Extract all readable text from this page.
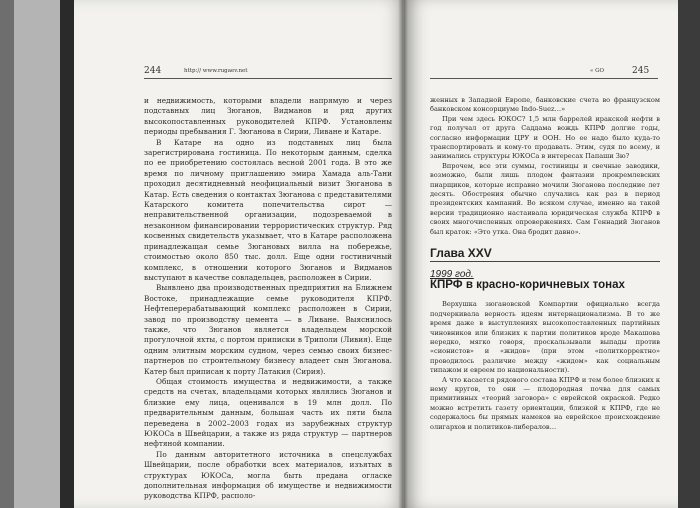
244	http:// www.rugaev.net

и недвижимость, которыми владели напрямую и через подставных лиц Зюганов, Видманов и ряд других высокопоставленных руководителей КПРФ. Установлены периоды пребывания Г. Зюганова в Сирии, Ливане и Катаре.

В Катаре на одно из подставных лиц была зарегистрирована гостиница. По некоторым данным, сделка по ее приобретению состоялась весной 2001 года. В это же время по личному приглашению эмира Хамада аль-Тани проходил десятидневный неофициальный визит Зюганова в Катар. Есть сведения о контактах Зюганова с представителями Катарского комитета попечительства сирот — неправительственной организации, подозреваемой в незаконном финансировании террористических структур. Ряд косвенных свидетельств указывает, что в Катаре расположена принадлежащая семье Зюгановых вилла на побережье, стоимостью около 850 тыс. долл. Еще одни гостиничный комплекс, в отношении которого Зюганов и Видманов выступают в качестве совладельцев, расположен в Сирии.

Выявлено два производственных предприятия на Ближнем Востоке, принадлежащие семье руководителя КПРФ. Нефтеперерабатывающий комплекс расположен в Сирии, завод по производству цемента — в Ливане. Выяснилось также, что Зюганов является владельцем морской прогулочной яхты, с портом приписки в Триполи (Ливия). Еще одним элитным морским судном, через семью своих бизнес-партнеров по строительному бизнесу владеет сын Зюганова. Катер был приписан к порту Латакия (Сирия).

Общая стоимость имущества и недвижимости, а также средств на счетах, владельцами которых являлись Зюганов и близкие ему лица, оценивался в 19 млн долл. По предварительным данным, большая часть их пяти была переведена в 2002–2003 годах из зарубежных структур ЮКОСа в Швейцарии, а также из ряда структур — партнеров нефтяной компании.

По данным авторитетного источника в спецслужбах Швейцарии, после обработки всех материалов, изъятых в структурах ЮКОСа, могла быть предана огласке дополнительная информация об имуществе и недвижимости руководства КПРФ, располо-

245
« GO

женных в Западной Европе, банковские счета во французском банковском консорциуме Indo-Suez…»

При чем здесь ЮКОС? 1,5 млн баррелей иракской нефти в год получал от друга Саддама вождь КПРФ долгие годы, согласно информации ЦРУ и ООН. Но ее надо было куда-то транспортировать и кому-то продавать. Этим, судя по всему, и занимались структуры ЮКОСа в интересах Папаши Зю?

Впрочем, все эти суммы, гостиницы и свечные заводики, возможно, были лишь плодом фантазии прокремлевских пиарщиков, которые исправно мочили Зюганова последние лет десять. Обострения обычно случались как раз в период президентских кампаний. Во всяком случае, именно на такой версии традиционно настаивала юридическая служба КПРФ в своих многочисленных опровержениях. Сам Геннадий Зюганов был краток: «Это утка. Она бродит давно».

Глава XXV
1999 год.
КПРФ в красно-коричневых тонах

Верхушка зюгановской Компартии официально всегда подчеркивала верность идеям интернационализма. В то же время даже в выступлениях высокопоставленных партийных чиновников или близких к партии политиков вроде Макашова нередко, мягко говоря, проскальзывали выпады против «сионистов» и «жидов» (при этом «политкорректно» проводилось различие между «жидом» как социальным типажом и евреем по национальности).

А что касается рядового состава КПРФ и тем более близких к нему кругов, то они — плодородная почва для самых примитивных «теорий заговора» с еврейской окраской. Редко можно встретить газету ориентации, близкой к КПРФ, где не содержалось бы прямых намеков на еврейское происхождение олигархов и политиков-либералов…
